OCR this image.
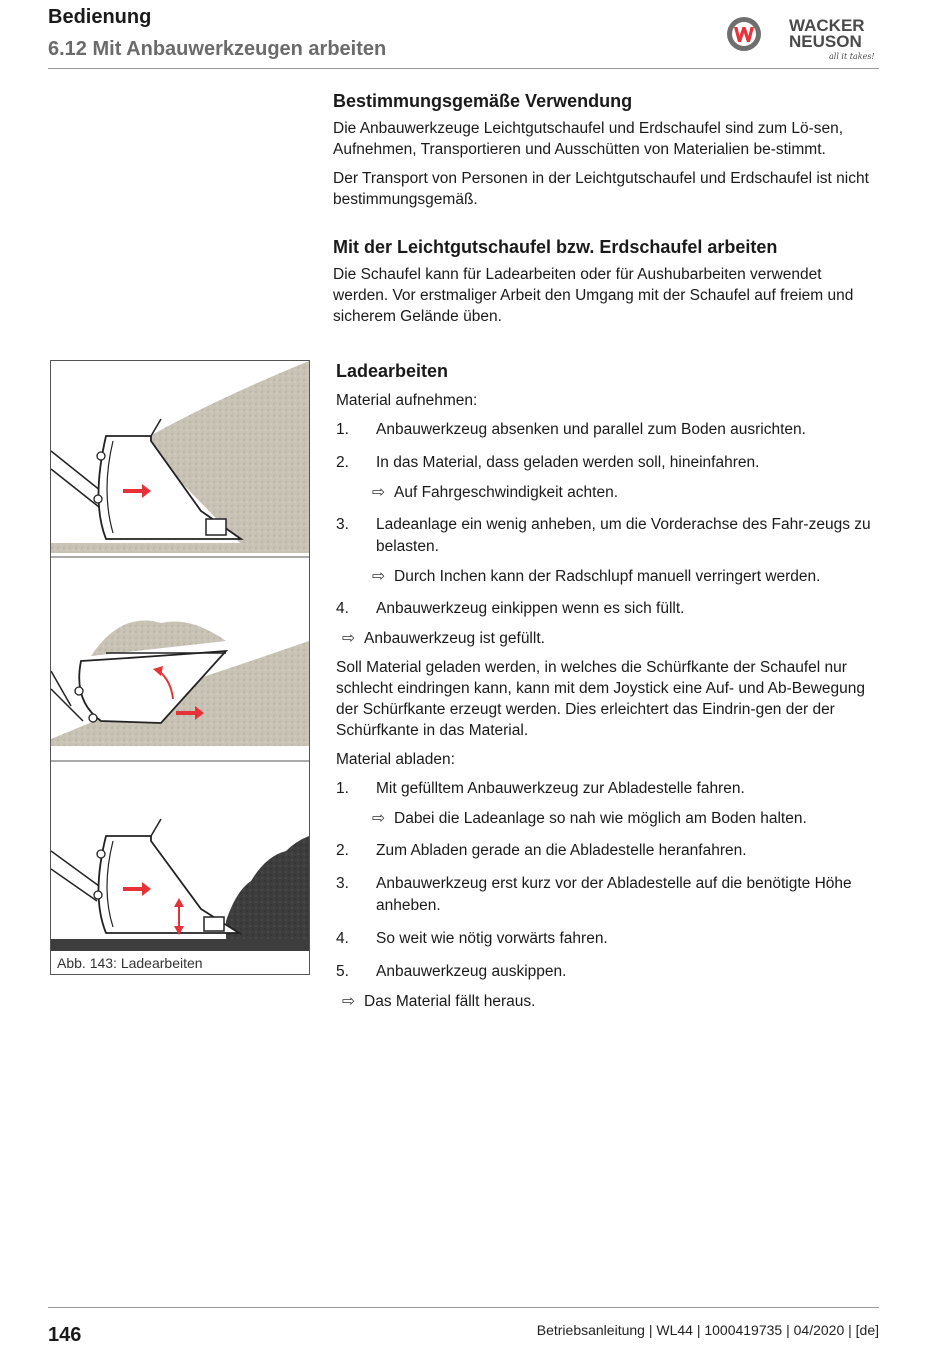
Bedienung
6.12 Mit Anbauwerkzeugen arbeiten
WACKER
NEUSON
all it takes!
Bestimmungsgemäße Verwendung

Die Anbauwerkzeuge Leichtgutschaufel und Erdschaufel sind zum Lö-sen, Aufnehmen, Transportieren und Ausschütten von Materialien be-stimmt.

Der Transport von Personen in der Leichtgutschaufel und Erdschaufel ist nicht bestimmungsgemäß.

Mit der Leichtgutschaufel bzw. Erdschaufel arbeiten

Die Schaufel kann für Ladearbeiten oder für Aushubarbeiten verwendet werden. Vor erstmaliger Arbeit den Umgang mit der Schaufel auf freiem und sicherem Gelände üben.

Abb. 143: Ladearbeiten
Ladearbeiten

Material aufnehmen:

1.	Anbauwerkzeug absenken und parallel zum Boden ausrichten.
2.	In das Material, dass geladen werden soll, hineinfahren.
⇨ Auf Fahrgeschwindigkeit achten.
3.	Ladeanlage ein wenig anheben, um die Vorderachse des Fahr-zeugs zu belasten.
⇨ Durch Inchen kann der Radschlupf manuell verringert werden.
4.	Anbauwerkzeug einkippen wenn es sich füllt.
⇨ Anbauwerkzeug ist gefüllt.

Soll Material geladen werden, in welches die Schürfkante der Schaufel nur schlecht eindringen kann, kann mit dem Joystick eine Auf- und Ab-Bewegung der Schürfkante erzeugt werden. Dies erleichtert das Eindrin-gen der der Schürfkante in das Material.

Material abladen:

1.	Mit gefülltem Anbauwerkzeug zur Abladestelle fahren.
⇨ Dabei die Ladeanlage so nah wie möglich am Boden halten.
2.	Zum Abladen gerade an die Abladestelle heranfahren.
3.	Anbauwerkzeug erst kurz vor der Abladestelle auf die benötigte Höhe anheben.
4.	So weit wie nötig vorwärts fahren.
5.	Anbauwerkzeug auskippen.
⇨ Das Material fällt heraus.
146	Betriebsanleitung | WL44 | 1000419735 | 04/2020 | [de]
